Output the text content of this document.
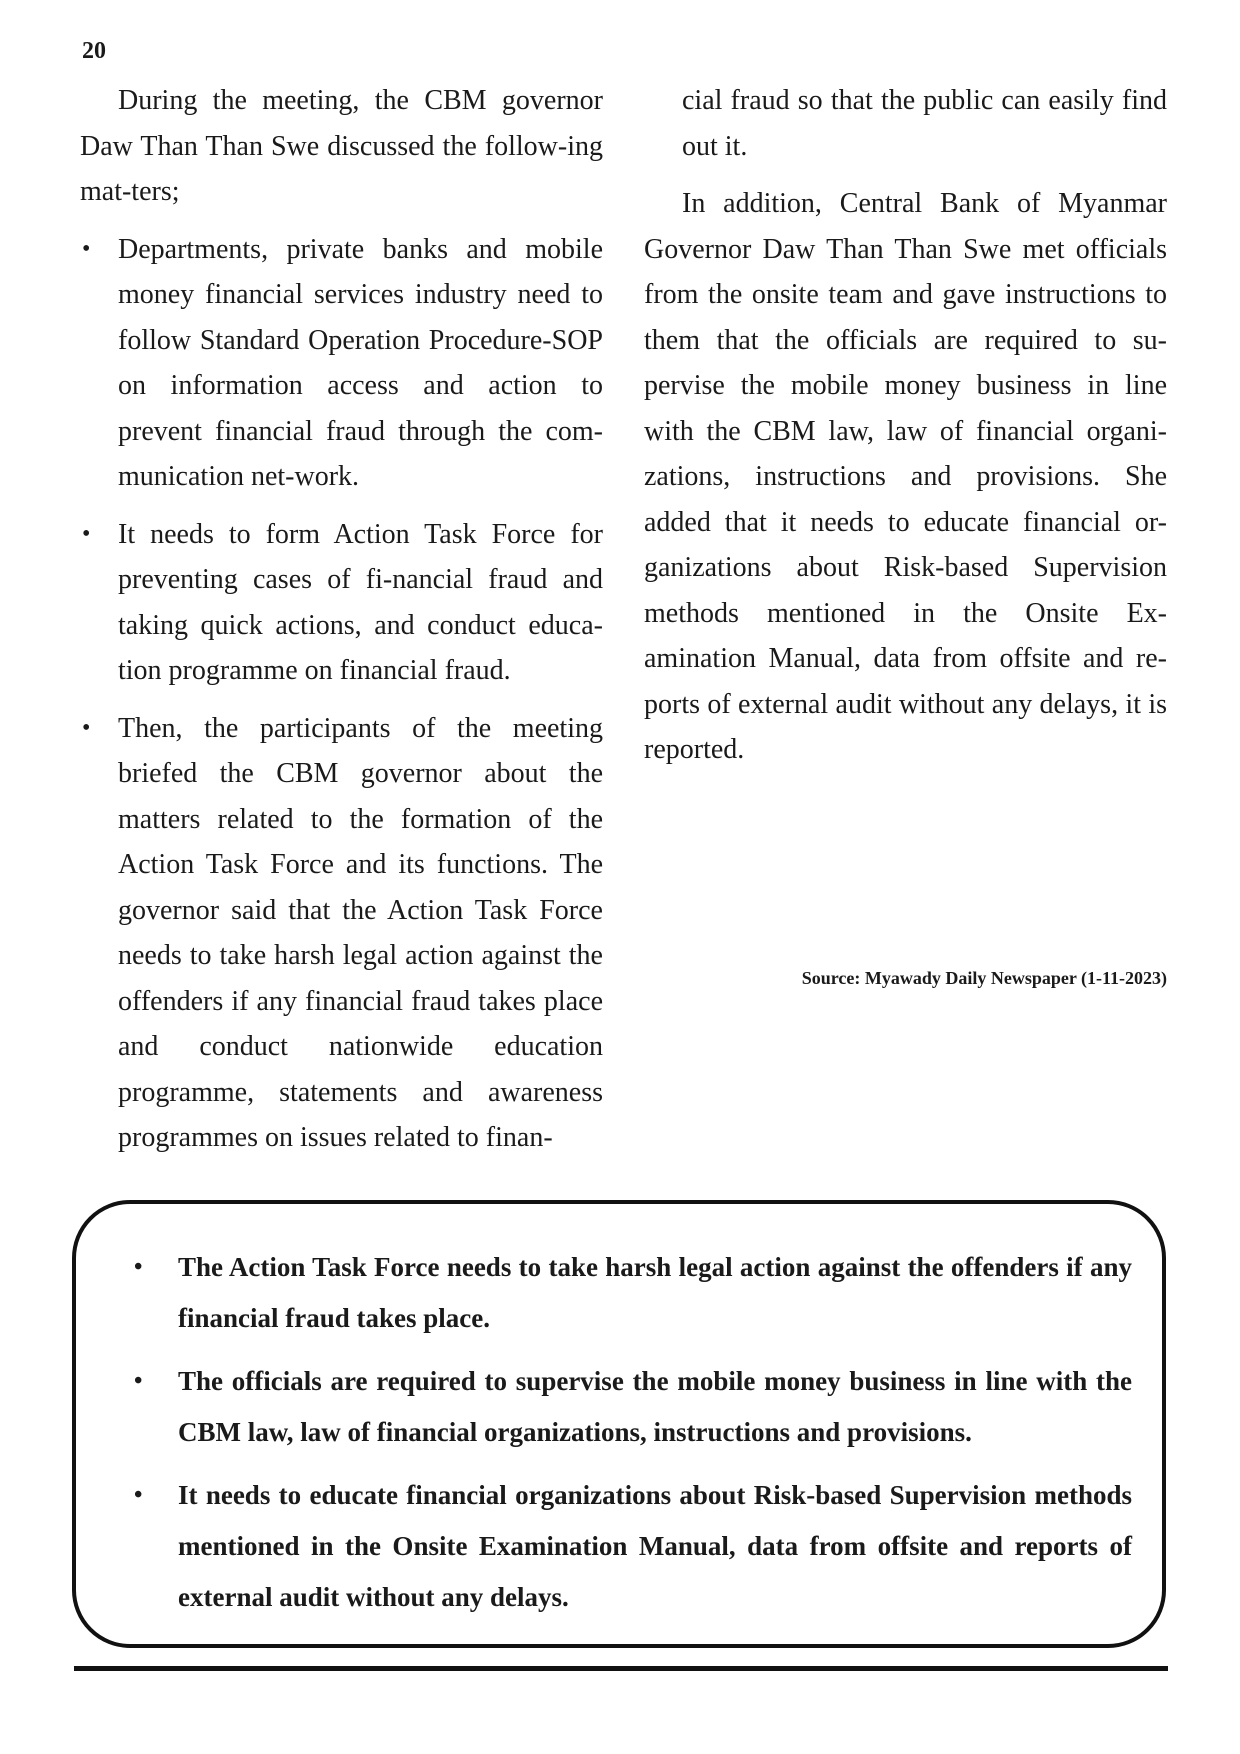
20

During the meeting, the CBM governor Daw Than Than Swe discussed the follow-ing mat-ters;

• Departments, private banks and mobile money financial services industry need to follow Standard Operation Procedure-SOP on information access and action to prevent financial fraud through the com-munication net-work.
• It needs to form Action Task Force for preventing cases of fi-nancial fraud and taking quick actions, and conduct educa-tion programme on financial fraud.
• Then, the participants of the meeting briefed the CBM governor about the matters related to the formation of the Action Task Force and its functions. The governor said that the Action Task Force needs to take harsh legal action against the offenders if any financial fraud takes place and conduct nationwide education programme, statements and awareness programmes on issues related to finan-

cial fraud so that the public can easily find out it.

In addition, Central Bank of Myanmar Governor Daw Than Than Swe met officials from the onsite team and gave instructions to them that the officials are required to su-pervise the mobile money business in line with the CBM law, law of financial organi-zations, instructions and provisions. She added that it needs to educate financial or-ganizations about Risk-based Supervision methods mentioned in the Onsite Ex-amination Manual, data from offsite and re-ports of external audit without any delays, it is reported.

Source: Myawady Daily Newspaper (1-11-2023)
• The Action Task Force needs to take harsh legal action against the offenders if any financial fraud takes place.
• The officials are required to supervise the mobile money business in line with the CBM law, law of financial organizations, instructions and provisions.
• It needs to educate financial organizations about Risk-based Supervision methods mentioned in the Onsite Examination Manual, data from offsite and reports of external audit without any delays.
